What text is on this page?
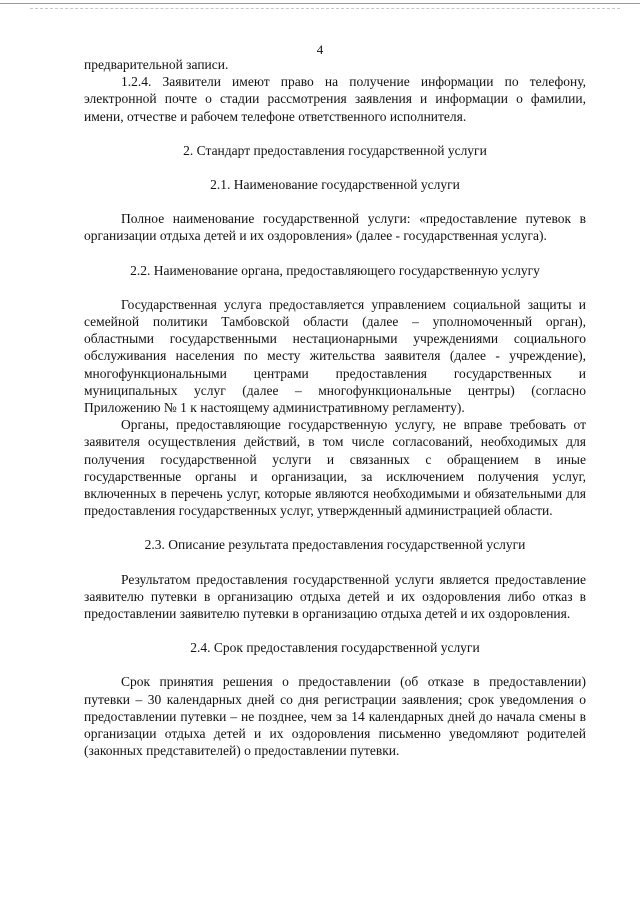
4

предварительной записи.

1.2.4. Заявители имеют право на получение информации по телефону, электронной почте о стадии рассмотрения заявления и информации о фамилии, имени, отчестве и рабочем телефоне ответственного исполнителя.

2. Стандарт предоставления государственной услуги

2.1. Наименование государственной услуги

Полное наименование государственной услуги: «предоставление путевок в организации отдыха детей и их оздоровления» (далее - государственная услуга).

2.2. Наименование органа, предоставляющего государственную услугу

Государственная услуга предоставляется управлением социальной защиты и семейной политики Тамбовской области (далее – уполномоченный орган), областными государственными нестационарными учреждениями социального обслуживания населения по месту жительства заявителя (далее - учреждение), многофункциональными центрами предоставления государственных и муниципальных услуг (далее – многофункциональные центры) (согласно Приложению № 1 к настоящему административному регламенту).

Органы, предоставляющие государственную услугу, не вправе требовать от заявителя осуществления действий, в том числе согласований, необходимых для получения государственной услуги и связанных с обращением в иные государственные органы и организации, за исключением получения услуг, включенных в перечень услуг, которые являются необходимыми и обязательными для предоставления государственных услуг, утвержденный администрацией области.

2.3. Описание результата предоставления государственной услуги

Результатом предоставления государственной услуги является предоставление заявителю путевки в организацию отдыха детей и их оздоровления либо отказ в предоставлении заявителю путевки в организацию отдыха детей и их оздоровления.

2.4. Срок предоставления государственной услуги

Срок принятия решения о предоставлении (об отказе в предоставлении) путевки – 30 календарных дней со дня регистрации заявления; срок уведомления о предоставлении путевки – не позднее, чем за 14 календарных дней до начала смены в организации отдыха детей и их оздоровления письменно уведомляют родителей (законных представителей) о предоставлении путевки.
